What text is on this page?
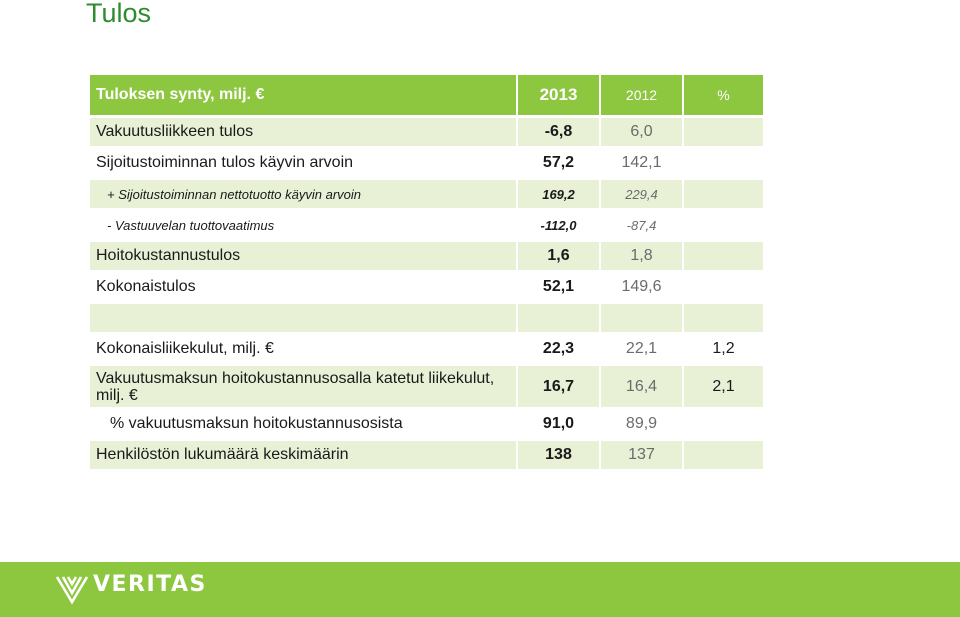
Tulos
Tuloksen synty, milj. €	2013	2012	%
Vakuutusliikkeen tulos	-6,8	6,0	
Sijoitustoiminnan tulos käyvin arvoin	57,2	142,1	
+ Sijoitustoiminnan nettotuotto käyvin arvoin	169,2	229,4	
- Vastuuvelan tuottovaatimus	-112,0	-87,4	
Hoitokustannustulos	1,6	1,8	
Kokonaistulos	52,1	149,6	

Kokonaisliikekulut, milj. €	22,3	22,1	1,2
Vakuutusmaksun hoitokustannusosalla katetut liikekulut, milj. €	16,7	16,4	2,1
% vakuutusmaksun hoitokustannusosista	91,0	89,9	
Henkilöstön lukumäärä keskimäärin	138	137	
VERITAS
